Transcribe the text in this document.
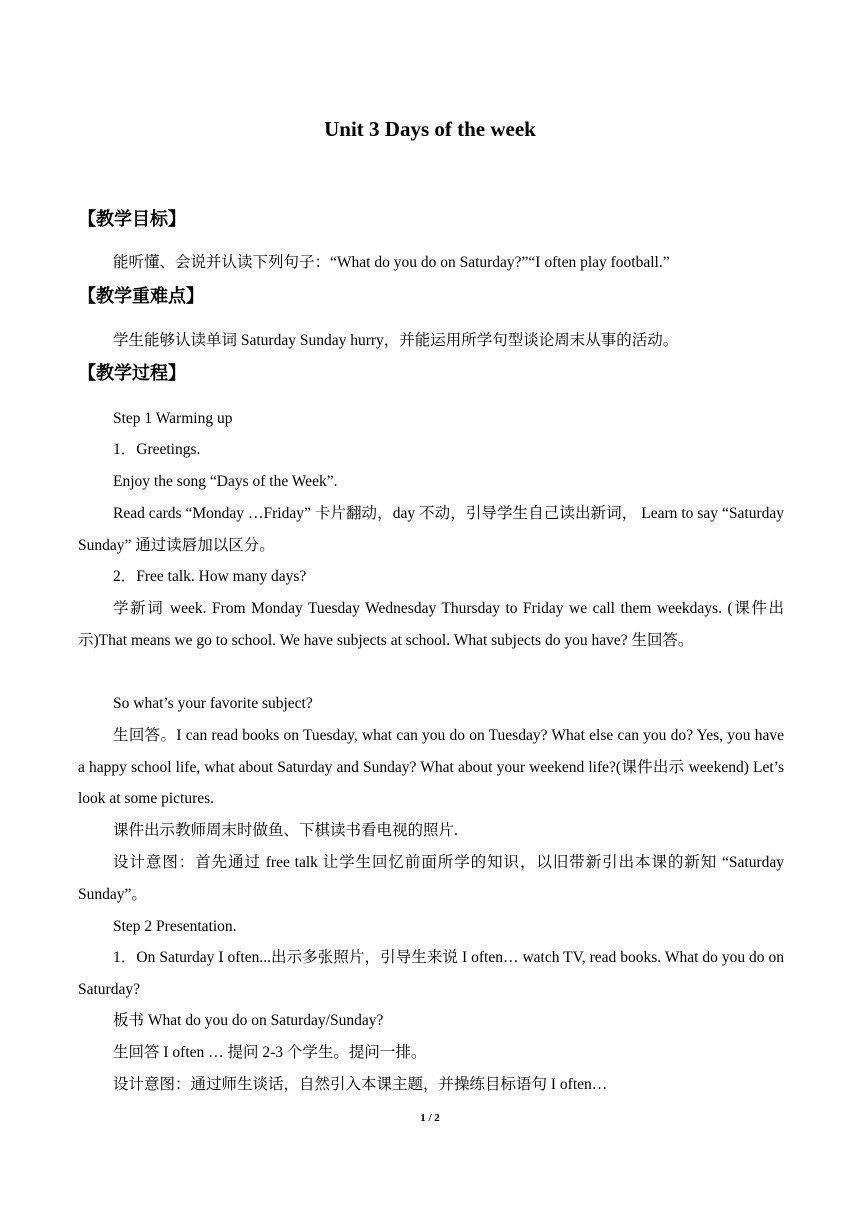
Unit 3 Days of the week
【教学目标】
能听懂、会说并认读下列句子：“What do you do on Saturday?”“I often play football.”
【教学重难点】
学生能够认读单词 Saturday Sunday hurry，并能运用所学句型谈论周末从事的活动。
【教学过程】
Step 1 Warming up
1．Greetings.
Enjoy the song “Days of the Week”.
Read cards “Monday …Friday” 卡片翻动，day 不动，引导学生自己读出新词， Learn to say “Saturday Sunday” 通过读唇加以区分。
2．Free talk. How many days?
学新词 week. From Monday Tuesday Wednesday Thursday to Friday we call them weekdays. (课件出示)That means we go to school. We have subjects at school. What subjects do you have? 生回答。
So what’s your favorite subject?
生回答。I can read books on Tuesday, what can you do on Tuesday? What else can you do? Yes, you have a happy school life, what about Saturday and Sunday? What about your weekend life?(课件出示 weekend) Let’s look at some pictures.
课件出示教师周末时做鱼、下棋读书看电视的照片.
设计意图：首先通过 free talk 让学生回忆前面所学的知识，以旧带新引出本课的新知 “Saturday Sunday”。
Step 2 Presentation.
1．On Saturday I often...出示多张照片，引导生来说 I often… watch TV, read books. What do you do on Saturday?
板书 What do you do on Saturday/Sunday?
生回答 I often … 提问 2-3 个学生。提问一排。
设计意图：通过师生谈话，自然引入本课主题，并操练目标语句 I often…
1 / 2
